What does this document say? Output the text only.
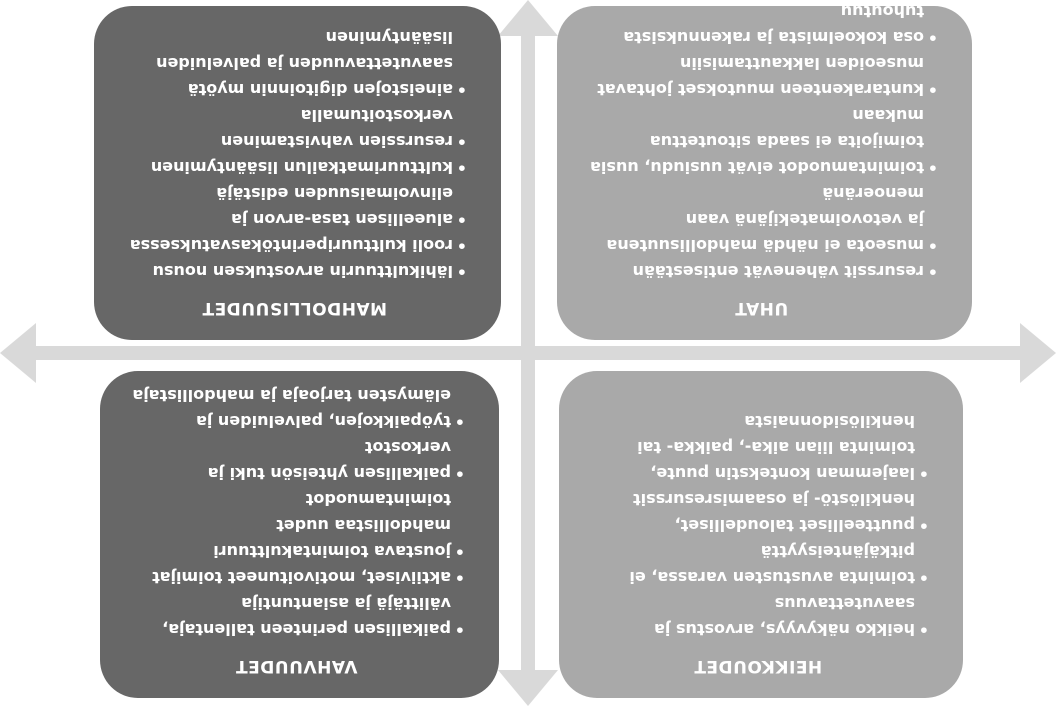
VAHVUUDET
• paikallisen perinteen tallentaja, välittäjä ja asiantuntija
• aktiiviset, motivoituneet toimijat
• joustava toimintakulttuuri mahdollistaa uudet toimintamuodot
• paikallisen yhteisön tuki ja verkostot
• työpaikkojen, palveluiden ja elämysten tarjoaja ja mahdollistaja
HEIKKOUDET
• heikko näkyvyys, arvostus ja saavutettavuus
• toiminta avustusten varassa, ei pitkäjänteisyyttä
• puutteelliset taloudelliset, henkilöstö- ja osaamisresurssit
• laajemman kontekstin puute, toiminta liian aika-, paikka- tai henkilösidonnaista
MAHDOLLISUUDET
• lähikulttuurin arvostuksen nousu
• rooli kulttuuriperintökasvatuksessa
• alueellisen tasa-arvon ja elinvoimaisuuden edistäjä
• kulttuurimatkailun lisääntyminen
• resurssien vahvistaminen verkostoitumalla
• aineistojen digitoinnin myötä saavutettavuuden ja palveluiden lisääntyminen
UHAT
• resurssit vähenevät entisestään
• museota ei nähdä mahdollisuutena ja vetovoimatekijänä vaan menoeränä
• toimintamuodot eivät uusiudu, uusia toimijoita ei saada sitoutettua mukaan
• kuntarakenteen muutokset johtavat museoiden lakkauttamisiin
• osa kokoelmista ja rakennuksista tuhoutuu
